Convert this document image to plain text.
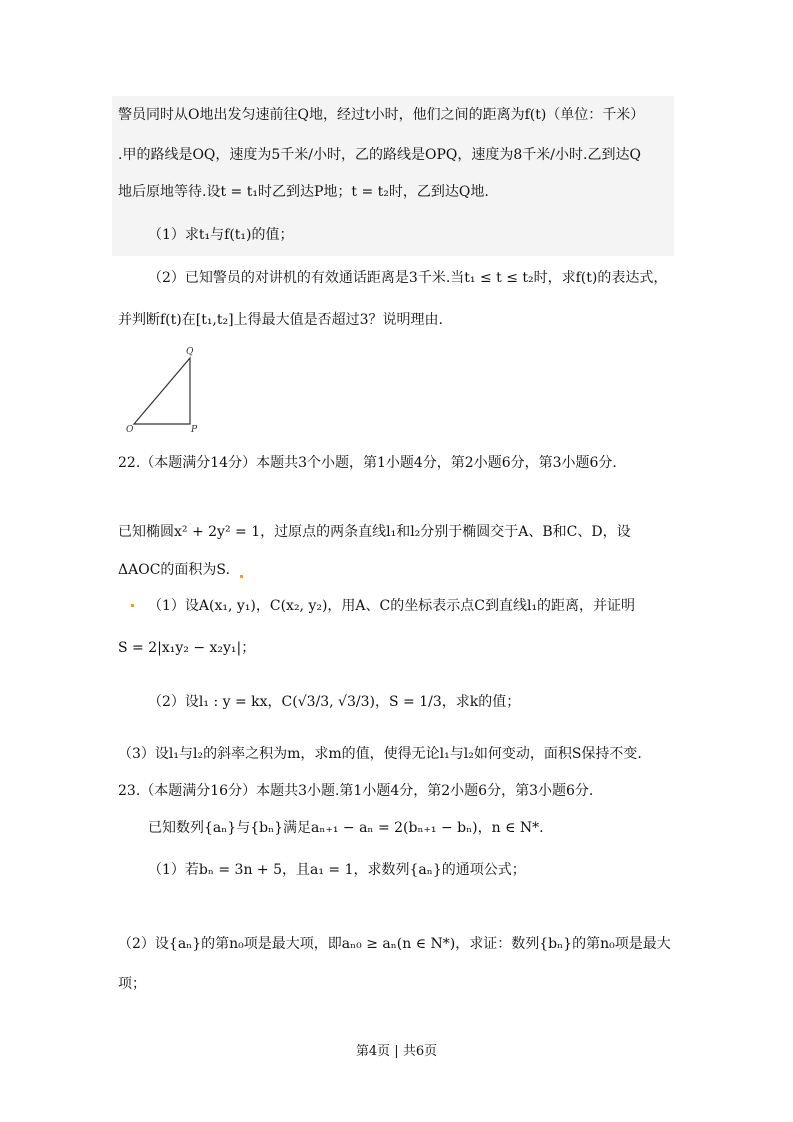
警员同时从O地出发匀速前往Q地，经过t小时，他们之间的距离为f(t)（单位：千米）
.甲的路线是OQ，速度为5千米/小时，乙的路线是OPQ，速度为8千米/小时.乙到达Q
地后原地等待.设t = t₁时乙到达P地；t = t₂时，乙到达Q地.
（1）求t₁与f(t₁)的值；
（2）已知警员的对讲机的有效通话距离是3千米.当t₁ ≤ t ≤ t₂时，求f(t)的表达式，
并判断f(t)在[t₁,t₂]上得最大值是否超过3？说明理由.
O	P
Q
22.（本题满分14分）本题共3个小题，第1小题4分，第2小题6分，第3小题6分.
已知椭圆x² + 2y² = 1，过原点的两条直线l₁和l₂分别于椭圆交于A、B和C、D，设
ΔAOC的面积为S.
（1）设A(x₁, y₁)，C(x₂, y₂)，用A、C的坐标表示点C到直线l₁的距离，并证明
S = 2|x₁y₂ − x₂y₁|；
（2）设l₁ : y = kx，C(√3/3, √3/3)，S = 1/3，求k的值；
（3）设l₁与l₂的斜率之积为m，求m的值，使得无论l₁与l₂如何变动，面积S保持不变.
23.（本题满分16分）本题共3小题.第1小题4分，第2小题6分，第3小题6分.
已知数列{aₙ}与{bₙ}满足aₙ₊₁ − aₙ = 2(bₙ₊₁ − bₙ)，n ∈ N*.
（1）若bₙ = 3n + 5，且a₁ = 1，求数列{aₙ}的通项公式；
（2）设{aₙ}的第n₀项是最大项，即aₙ₀ ≥ aₙ(n ∈ N*)，求证：数列{bₙ}的第n₀项是最大
项；
第4页 | 共6页
